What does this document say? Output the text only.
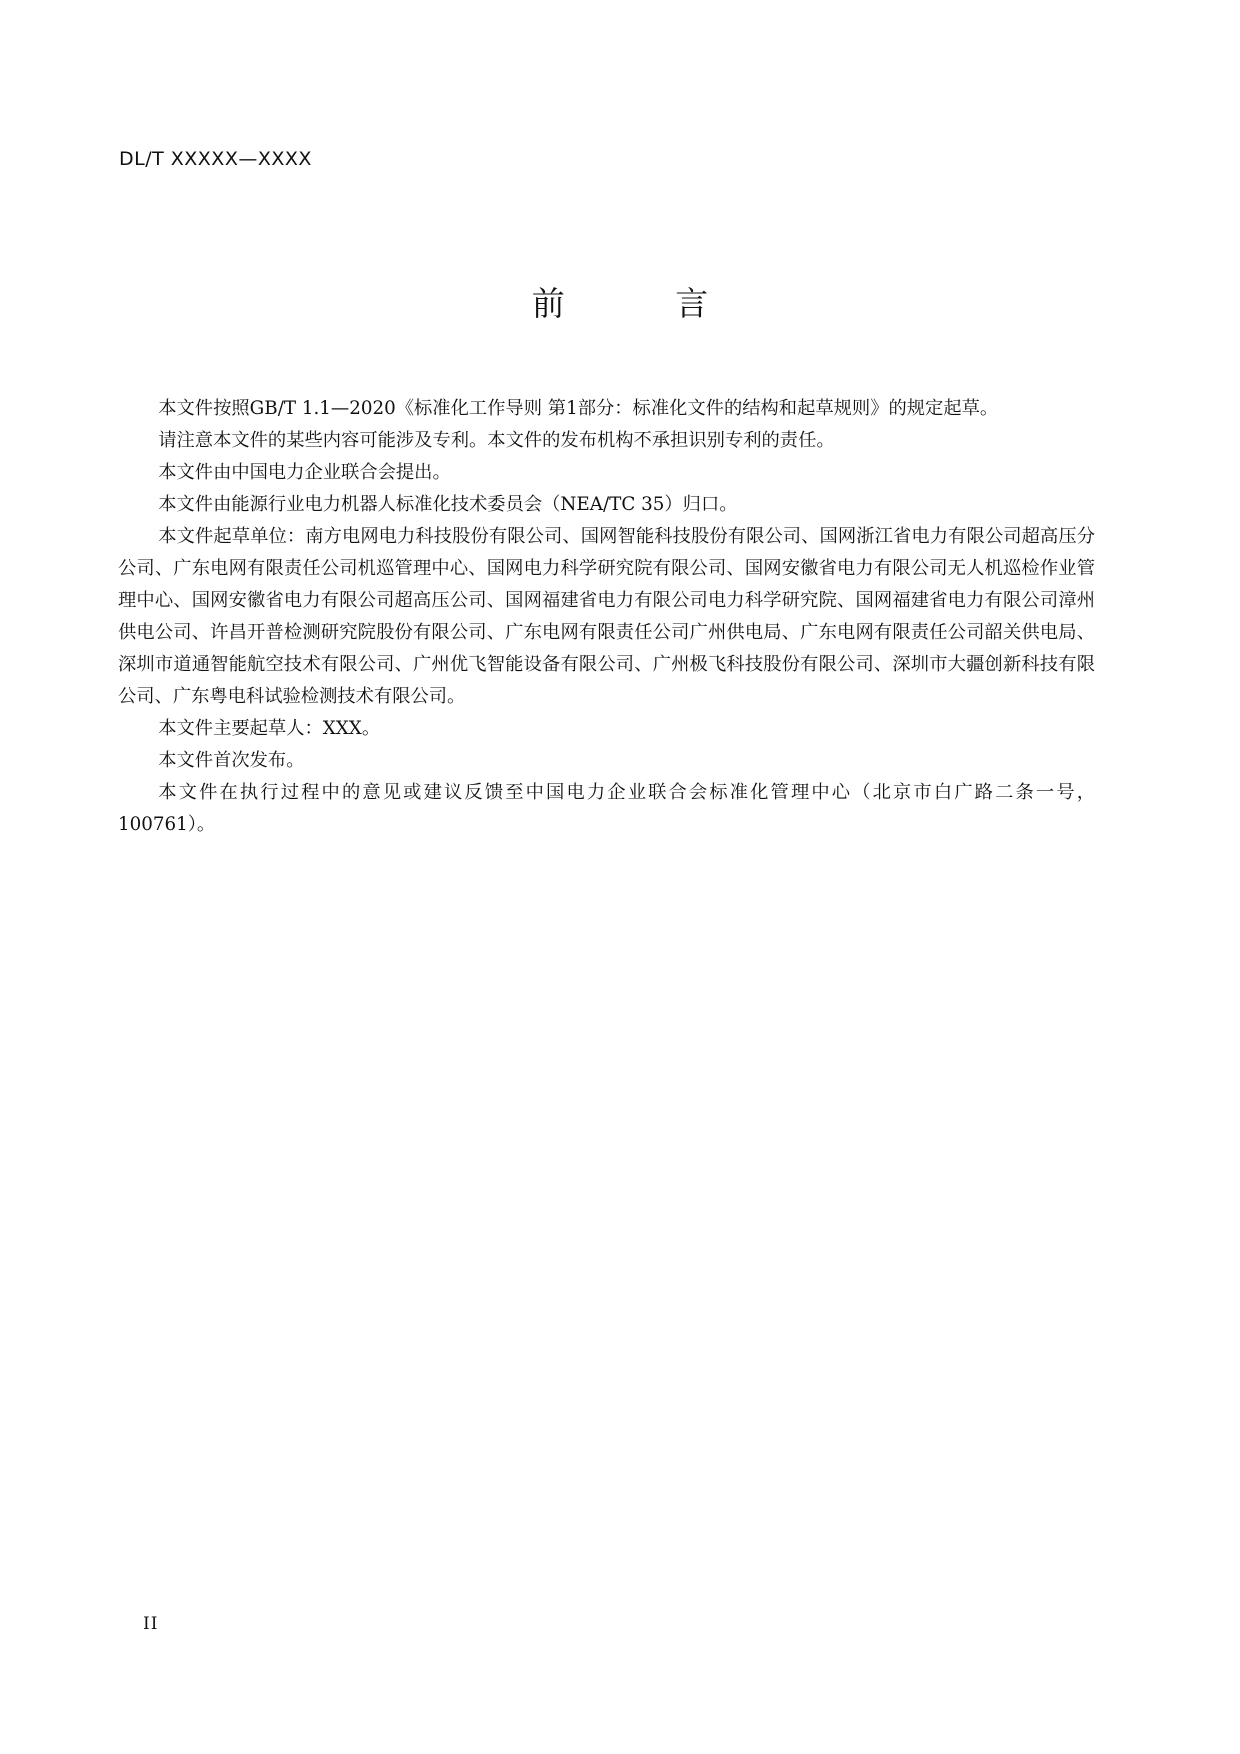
DL/T XXXXX—XXXX
前 言

本文件按照GB/T 1.1—2020《标准化工作导则 第1部分：标准化文件的结构和起草规则》的规定起草。

请注意本文件的某些内容可能涉及专利。本文件的发布机构不承担识别专利的责任。

本文件由中国电力企业联合会提出。

本文件由能源行业电力机器人标准化技术委员会（NEA/TC 35）归口。

本文件起草单位：南方电网电力科技股份有限公司、国网智能科技股份有限公司、国网浙江省电力有限公司超高压分公司、广东电网有限责任公司机巡管理中心、国网电力科学研究院有限公司、国网安徽省电力有限公司无人机巡检作业管理中心、国网安徽省电力有限公司超高压公司、国网福建省电力有限公司电力科学研究院、国网福建省电力有限公司漳州供电公司、许昌开普检测研究院股份有限公司、广东电网有限责任公司广州供电局、广东电网有限责任公司韶关供电局、深圳市道通智能航空技术有限公司、广州优飞智能设备有限公司、广州极飞科技股份有限公司、深圳市大疆创新科技有限公司、广东粤电科试验检测技术有限公司。

本文件主要起草人：XXX。

本文件首次发布。

本文件在执行过程中的意见或建议反馈至中国电力企业联合会标准化管理中心（北京市白广路二条一号，100761）。

II
